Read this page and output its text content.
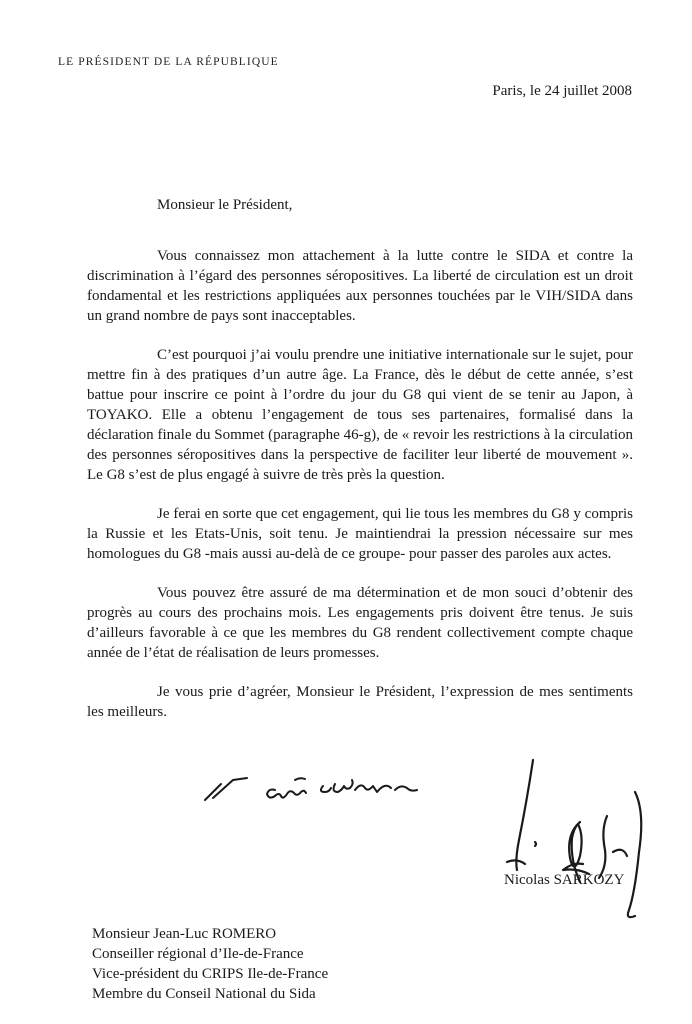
LE PRÉSIDENT DE LA RÉPUBLIQUE
Paris, le 24 juillet 2008
Monsieur le Président,

Vous connaissez mon attachement à la lutte contre le SIDA et contre la discrimination à l’égard des personnes séropositives. La liberté de circulation est un droit fondamental et les restrictions appliquées aux personnes touchées par le VIH/SIDA dans un grand nombre de pays sont inacceptables.

C’est pourquoi j’ai voulu prendre une initiative internationale sur le sujet, pour mettre fin à des pratiques d’un autre âge. La France, dès le début de cette année, s’est battue pour inscrire ce point à l’ordre du jour du G8 qui vient de se tenir au Japon, à TOYAKO. Elle a obtenu l’engagement de tous ses partenaires, formalisé dans la déclaration finale du Sommet (paragraphe 46-g), de « revoir les restrictions à la circulation des personnes séropositives dans la perspective de faciliter leur liberté de mouvement ». Le G8 s’est de plus engagé à suivre de très près la question.

Je ferai en sorte que cet engagement, qui lie tous les membres du G8 y compris la Russie et les Etats-Unis, soit tenu. Je maintiendrai la pression nécessaire sur mes homologues du G8 -mais aussi au-delà de ce groupe- pour passer des paroles aux actes.

Vous pouvez être assuré de ma détermination et de mon souci d’obtenir des progrès au cours des prochains mois. Les engagements pris doivent être tenus. Je suis d’ailleurs favorable à ce que les membres du G8 rendent collectivement compte chaque année de l’état de réalisation de leurs promesses.

Je vous prie d’agréer, Monsieur le Président, l’expression de mes sentiments les meilleurs.

Nicolas SARKOZY
Monsieur Jean-Luc ROMERO
Conseiller régional d’Ile-de-France
Vice-président du CRIPS Ile-de-France
Membre du Conseil National du Sida
